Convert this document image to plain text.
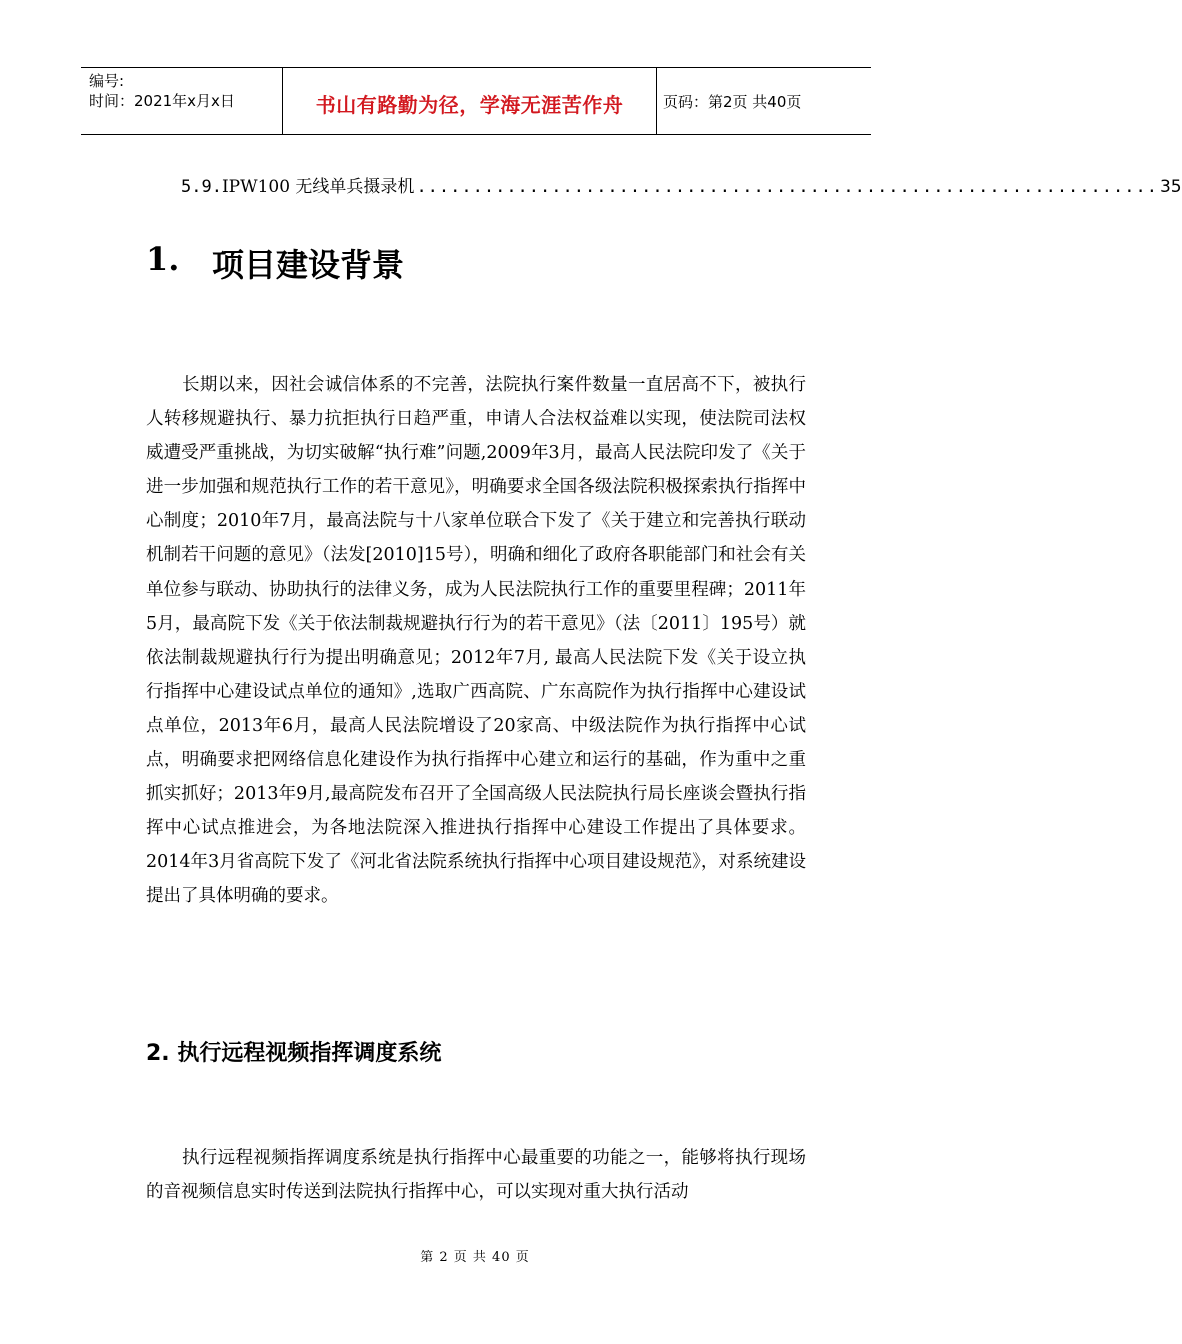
编号:
时间：2021年x月x日	书山有路勤为径，学海无涯苦作舟	页码：第2页 共40页
5.9. IPW100 无线单兵摄录机 .................................................................. 35
1.	项目建设背景
长期以来，因社会诚信体系的不完善，法院执行案件数量一直居高不下，被执行人转移规避执行、暴力抗拒执行日趋严重，申请人合法权益难以实现，使法院司法权威遭受严重挑战，为切实破解“执行难”问题,2009年3月，最高人民法院印发了《关于进一步加强和规范执行工作的若干意见》，明确要求全国各级法院积极探索执行指挥中心制度；2010年7月，最高法院与十八家单位联合下发了《关于建立和完善执行联动机制若干问题的意见》（法发[2010]15号），明确和细化了政府各职能部门和社会有关单位参与联动、协助执行的法律义务，成为人民法院执行工作的重要里程碑；2011年5月，最高院下发《关于依法制裁规避执行行为的若干意见》（法〔2011〕195号）就依法制裁规避执行行为提出明确意见；2012年7月, 最高人民法院下发《关于设立执行指挥中心建设试点单位的通知》,选取广西高院、广东高院作为执行指挥中心建设试点单位，2013年6月，最高人民法院增设了20家高、中级法院作为执行指挥中心试点，明确要求把网络信息化建设作为执行指挥中心建立和运行的基础，作为重中之重抓实抓好；2013年9月,最高院发布召开了全国高级人民法院执行局长座谈会暨执行指挥中心试点推进会，为各地法院深入推进执行指挥中心建设工作提出了具体要求。2014年3月省高院下发了《河北省法院系统执行指挥中心项目建设规范》，对系统建设提出了具体明确的要求。
2. 执行远程视频指挥调度系统
执行远程视频指挥调度系统是执行指挥中心最重要的功能之一，能够将执行现场的音视频信息实时传送到法院执行指挥中心，可以实现对重大执行活动
第 2 页 共 40 页
